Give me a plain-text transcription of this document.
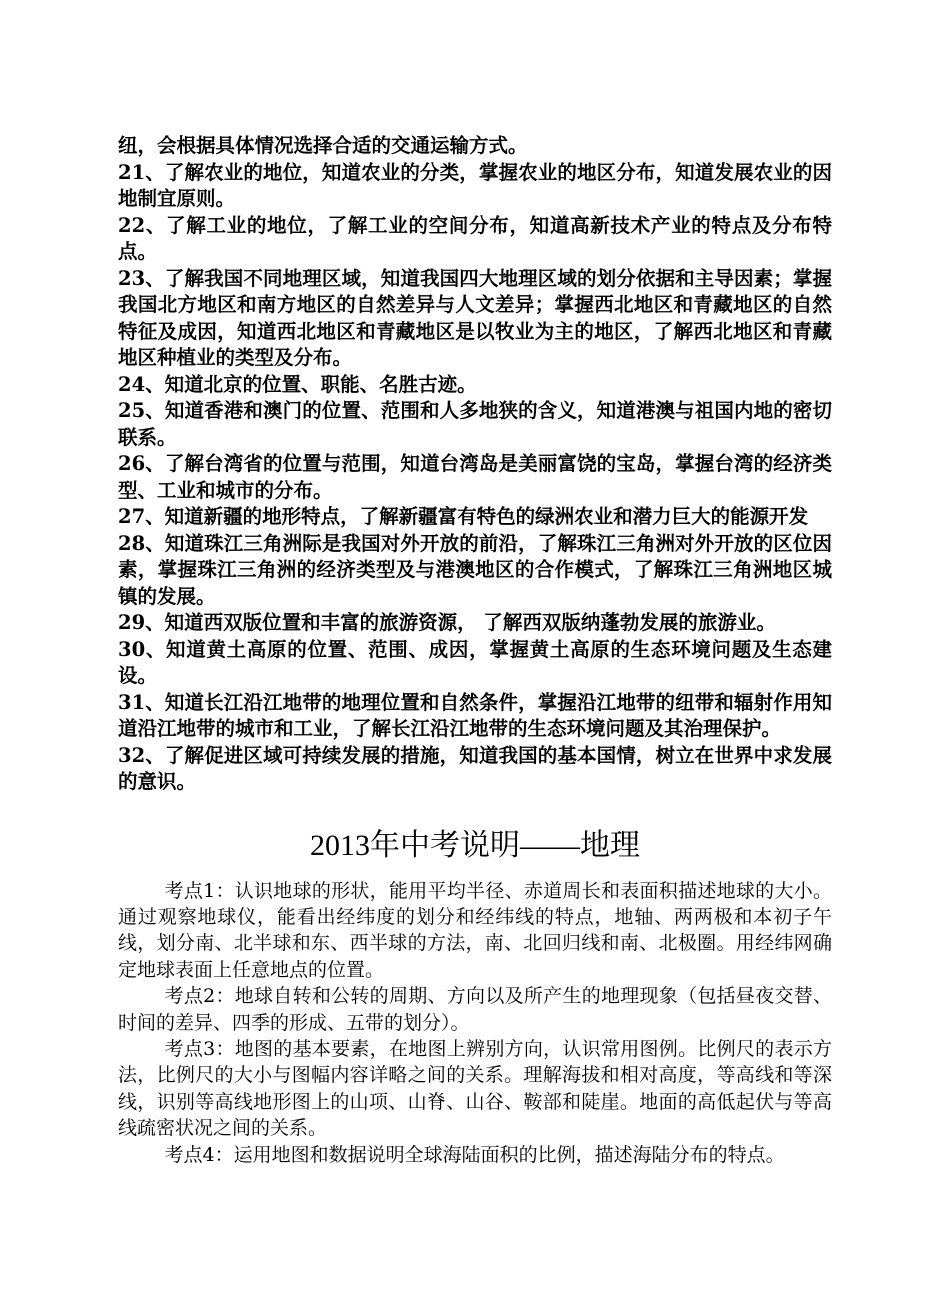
纽，会根据具体情况选择合适的交通运输方式。

21、了解农业的地位，知道农业的分类，掌握农业的地区分布，知道发展农业的因地制宜原则。

22、了解工业的地位，了解工业的空间分布，知道高新技术产业的特点及分布特点。

23、了解我国不同地理区域，知道我国四大地理区域的划分依据和主导因素；掌握我国北方地区和南方地区的自然差异与人文差异；掌握西北地区和青藏地区的自然特征及成因，知道西北地区和青藏地区是以牧业为主的地区，了解西北地区和青藏地区种植业的类型及分布。

24、知道北京的位置、职能、名胜古迹。

25、知道香港和澳门的位置、范围和人多地狭的含义，知道港澳与祖国内地的密切联系。

26、了解台湾省的位置与范围，知道台湾岛是美丽富饶的宝岛，掌握台湾的经济类型、工业和城市的分布。

27、知道新疆的地形特点，了解新疆富有特色的绿洲农业和潜力巨大的能源开发

28、知道珠江三角洲际是我国对外开放的前沿，了解珠江三角洲对外开放的区位因素，掌握珠江三角洲的经济类型及与港澳地区的合作模式，了解珠江三角洲地区城镇的发展。

29、知道西双版位置和丰富的旅游资源， 了解西双版纳蓬勃发展的旅游业。

30、知道黄土高原的位置、范围、成因，掌握黄土高原的生态环境问题及生态建设。

31、知道长江沿江地带的地理位置和自然条件，掌握沿江地带的纽带和辐射作用知道沿江地带的城市和工业，了解长江沿江地带的生态环境问题及其治理保护。

32、了解促进区域可持续发展的措施，知道我国的基本国情，树立在世界中求发展的意识。

2013年中考说明——地理

考点1：认识地球的形状，能用平均半径、赤道周长和表面积描述地球的大小。通过观察地球仪，能看出经纬度的划分和经纬线的特点，地轴、两两极和本初子午线，划分南、北半球和东、西半球的方法，南、北回归线和南、北极圈。用经纬网确定地球表面上任意地点的位置。

考点2：地球自转和公转的周期、方向以及所产生的地理现象（包括昼夜交替、时间的差异、四季的形成、五带的划分）。

考点3：地图的基本要素，在地图上辨别方向，认识常用图例。比例尺的表示方法，比例尺的大小与图幅内容详略之间的关系。理解海拔和相对高度，等高线和等深线，识别等高线地形图上的山项、山脊、山谷、鞍部和陡崖。地面的高低起伏与等高线疏密状况之间的关系。

考点4：运用地图和数据说明全球海陆面积的比例，描述海陆分布的特点。
